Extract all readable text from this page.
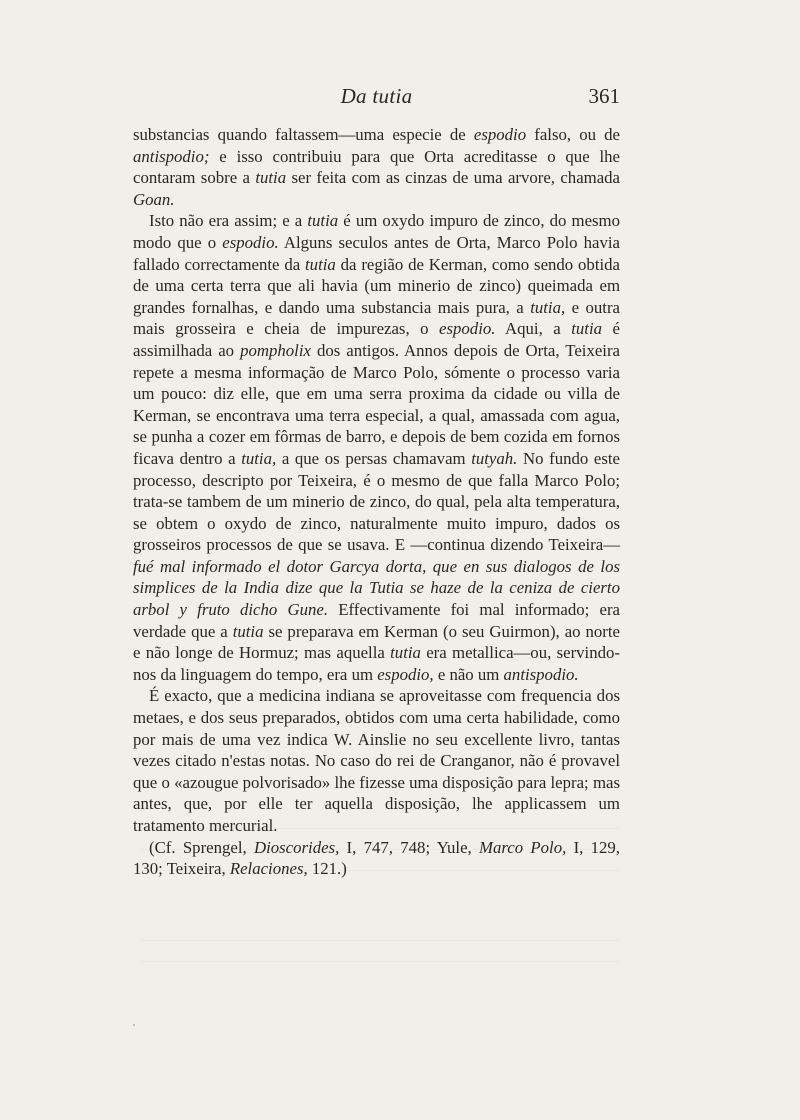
Da tutia	361

substancias quando faltassem—uma especie de espodio falso, ou de antispodio; e isso contribuiu para que Orta acreditasse o que lhe contaram sobre a tutia ser feita com as cinzas de uma arvore, chamada Goan.

Isto não era assim; e a tutia é um oxydo impuro de zinco, do mesmo modo que o espodio. Alguns seculos antes de Orta, Marco Polo havia fallado correctamente da tutia da região de Kerman, como sendo obtida de uma certa terra que ali havia (um minerio de zinco) queimada em grandes fornalhas, e dando uma substancia mais pura, a tutia, e outra mais grosseira e cheia de impurezas, o espodio. Aqui, a tutia é assimilhada ao pompholix dos antigos. Annos depois de Orta, Teixeira repete a mesma informação de Marco Polo, sómente o processo varia um pouco: diz elle, que em uma serra proxima da cidade ou villa de Kerman, se encontrava uma terra especial, a qual, amassada com agua, se punha a cozer em fôrmas de barro, e depois de bem cozida em fornos ficava dentro a tutia, a que os persas chamavam tutyah. No fundo este processo, descripto por Teixeira, é o mesmo de que falla Marco Polo; trata-se tambem de um minerio de zinco, do qual, pela alta temperatura, se obtem o oxydo de zinco, naturalmente muito impuro, dados os grosseiros processos de que se usava. E —continua dizendo Teixeira— fué mal informado el dotor Garcya dorta, que en sus dialogos de los simplices de la India dize que la Tutia se haze de la ceniza de cierto arbol y fruto dicho Gune. Effectivamente foi mal informado; era verdade que a tutia se preparava em Kerman (o seu Guirmon), ao norte e não longe de Hormuz; mas aquella tutia era metallica—ou, servindo-nos da linguagem do tempo, era um espodio, e não um antispodio.

É exacto, que a medicina indiana se aproveitasse com frequencia dos metaes, e dos seus preparados, obtidos com uma certa habilidade, como por mais de uma vez indica W. Ainslie no seu excellente livro, tantas vezes citado n'estas notas. No caso do rei de Cranganor, não é provavel que o «azougue polvorisado» lhe fizesse uma disposição para lepra; mas antes, que, por elle ter aquella disposição, lhe applicassem um tratamento mercurial.

(Cf. Sprengel, Dioscorides, I, 747, 748; Yule, Marco Polo, I, 129, 130; Teixeira, Relaciones, 121.)
